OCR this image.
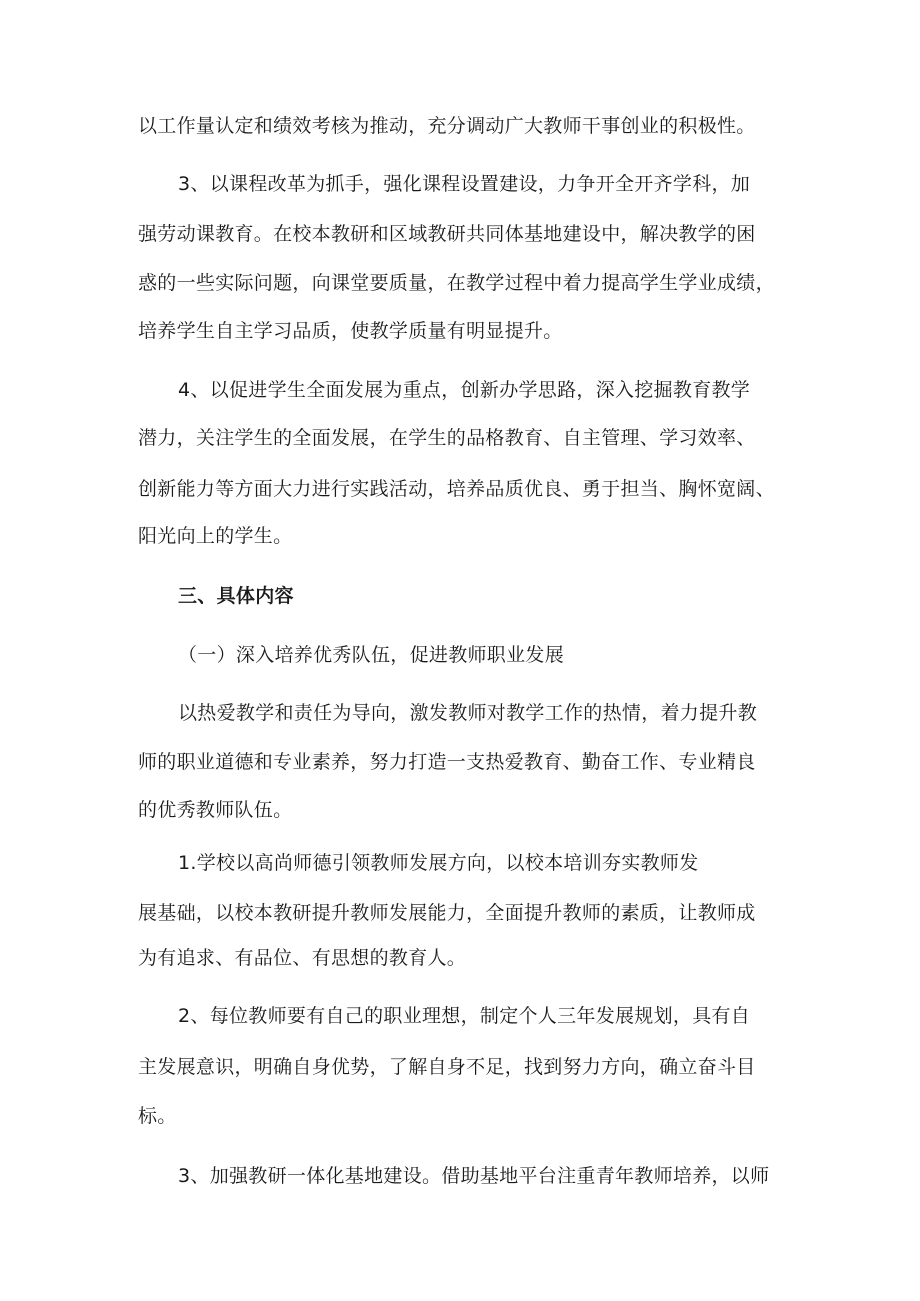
以工作量认定和绩效考核为推动，充分调动广大教师干事创业的积极性。

3、以课程改革为抓手，强化课程设置建设，力争开全开齐学科，加

强劳动课教育。在校本教研和区域教研共同体基地建设中，解决教学的困

惑的一些实际问题，向课堂要质量，在教学过程中着力提高学生学业成绩，

培养学生自主学习品质，使教学质量有明显提升。

4、以促进学生全面发展为重点，创新办学思路，深入挖掘教育教学

潜力，关注学生的全面发展，在学生的品格教育、自主管理、学习效率、

创新能力等方面大力进行实践活动，培养品质优良、勇于担当、胸怀宽阔、

阳光向上的学生。

三、具体内容

（一）深入培养优秀队伍，促进教师职业发展

以热爱教学和责任为导向，激发教师对教学工作的热情，着力提升教

师的职业道德和专业素养，努力打造一支热爱教育、勤奋工作、专业精良

的优秀教师队伍。

1.学校以高尚师德引领教师发展方向，以校本培训夯实教师发

展基础，以校本教研提升教师发展能力，全面提升教师的素质，让教师成

为有追求、有品位、有思想的教育人。

2、每位教师要有自己的职业理想，制定个人三年发展规划，具有自

主发展意识，明确自身优势，了解自身不足，找到努力方向，确立奋斗目

标。

3、加强教研一体化基地建设。借助基地平台注重青年教师培养，以师
